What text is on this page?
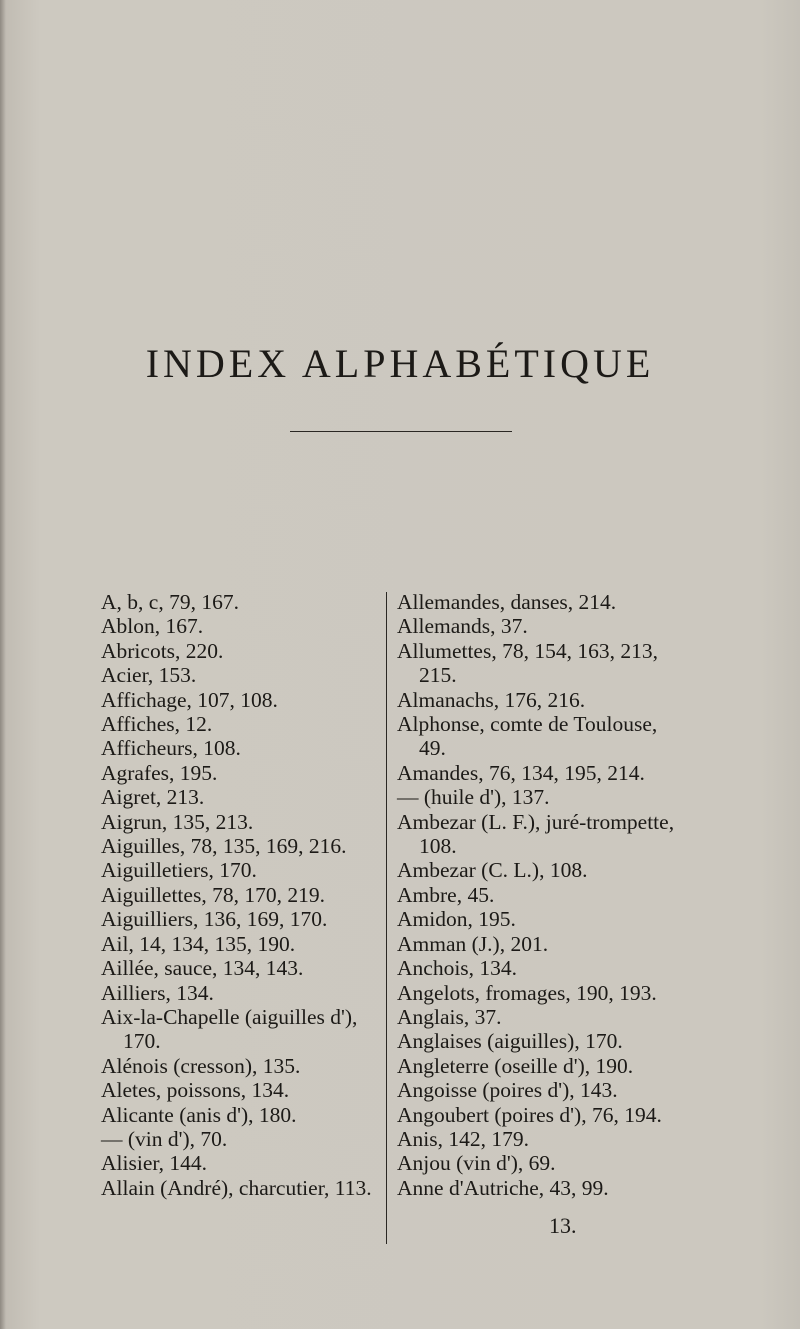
INDEX ALPHABÉTIQUE
A, b, c, 79, 167.
Ablon, 167.
Abricots, 220.
Acier, 153.
Affichage, 107, 108.
Affiches, 12.
Afficheurs, 108.
Agrafes, 195.
Aigret, 213.
Aigrun, 135, 213.
Aiguilles, 78, 135, 169, 216.
Aiguilletiers, 170.
Aiguillettes, 78, 170, 219.
Aiguilliers, 136, 169, 170.
Ail, 14, 134, 135, 190.
Aillée, sauce, 134, 143.
Ailliers, 134.
Aix-la-Chapelle (aiguilles d'), 170.
Alénois (cresson), 135.
Aletes, poissons, 134.
Alicante (anis d'), 180.
— (vin d'), 70.
Alisier, 144.
Allain (André), charcutier, 113.
Allemandes, danses, 214.
Allemands, 37.
Allumettes, 78, 154, 163, 213, 215.
Almanachs, 176, 216.
Alphonse, comte de Toulouse, 49.
Amandes, 76, 134, 195, 214.
— (huile d'), 137.
Ambezar (L. F.), juré-trompette, 108.
Ambezar (C. L.), 108.
Ambre, 45.
Amidon, 195.
Amman (J.), 201.
Anchois, 134.
Angelots, fromages, 190, 193.
Anglais, 37.
Anglaises (aiguilles), 170.
Angleterre (oseille d'), 190.
Angoisse (poires d'), 143.
Angoubert (poires d'), 76, 194.
Anis, 142, 179.
Anjou (vin d'), 69.
Anne d'Autriche, 43, 99.
13.
